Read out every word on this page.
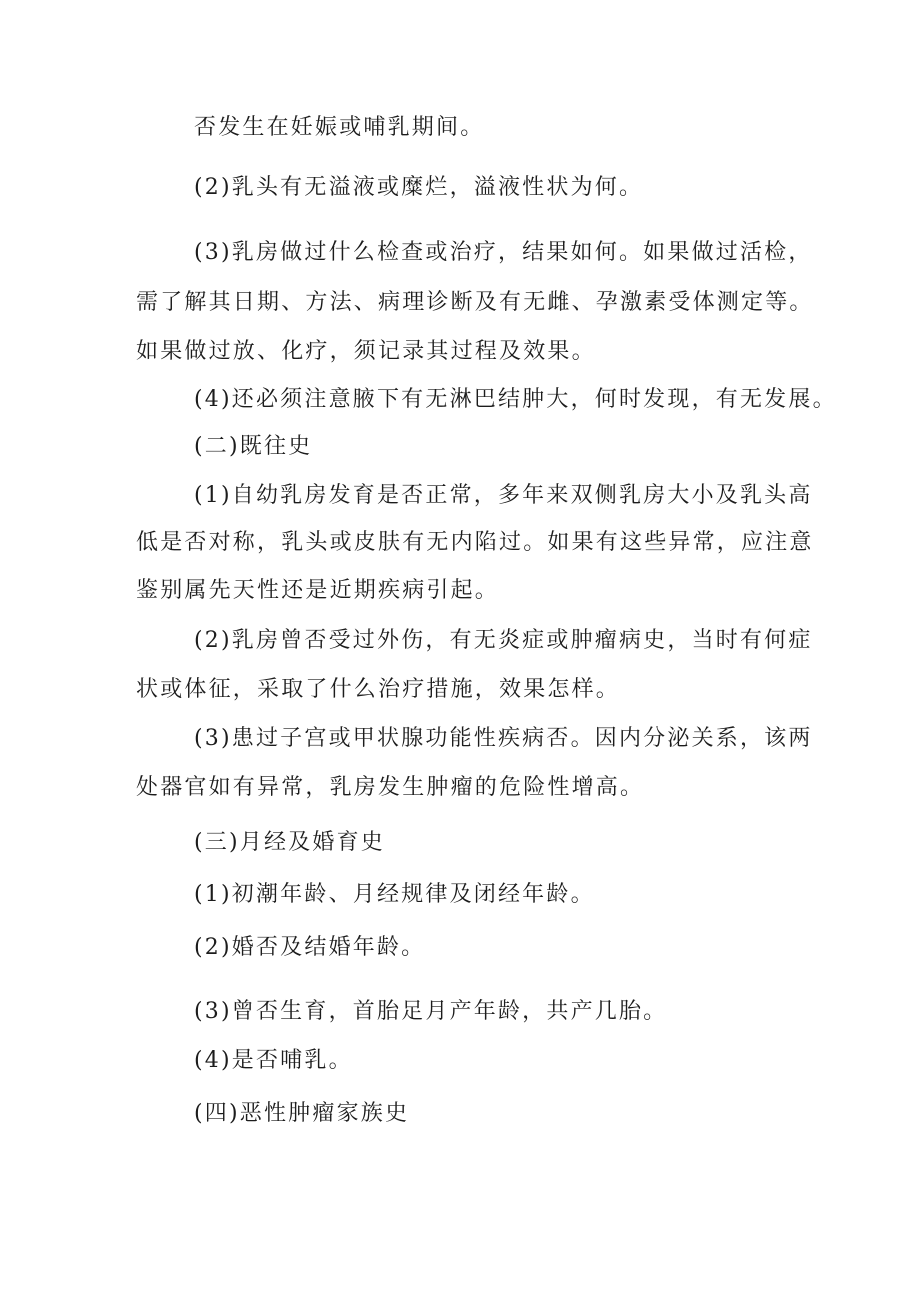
否发生在妊娠或哺乳期间。

(2)乳头有无溢液或糜烂，溢液性状为何。

(3)乳房做过什么检查或治疗，结果如何。如果做过活检，

需了解其日期、方法、病理诊断及有无雌、孕激素受体测定等。

如果做过放、化疗，须记录其过程及效果。

(4)还必须注意腋下有无淋巴结肿大，何时发现，有无发展。

(二)既往史

(1)自幼乳房发育是否正常，多年来双侧乳房大小及乳头高

低是否对称，乳头或皮肤有无内陷过。如果有这些异常，应注意

鉴别属先天性还是近期疾病引起。

(2)乳房曾否受过外伤，有无炎症或肿瘤病史，当时有何症

状或体征，采取了什么治疗措施，效果怎样。

(3)患过子宫或甲状腺功能性疾病否。因内分泌关系，该两

处器官如有异常，乳房发生肿瘤的危险性增高。

(三)月经及婚育史

(1)初潮年龄、月经规律及闭经年龄。

(2)婚否及结婚年龄。

(3)曾否生育，首胎足月产年龄，共产几胎。

(4)是否哺乳。

(四)恶性肿瘤家族史
